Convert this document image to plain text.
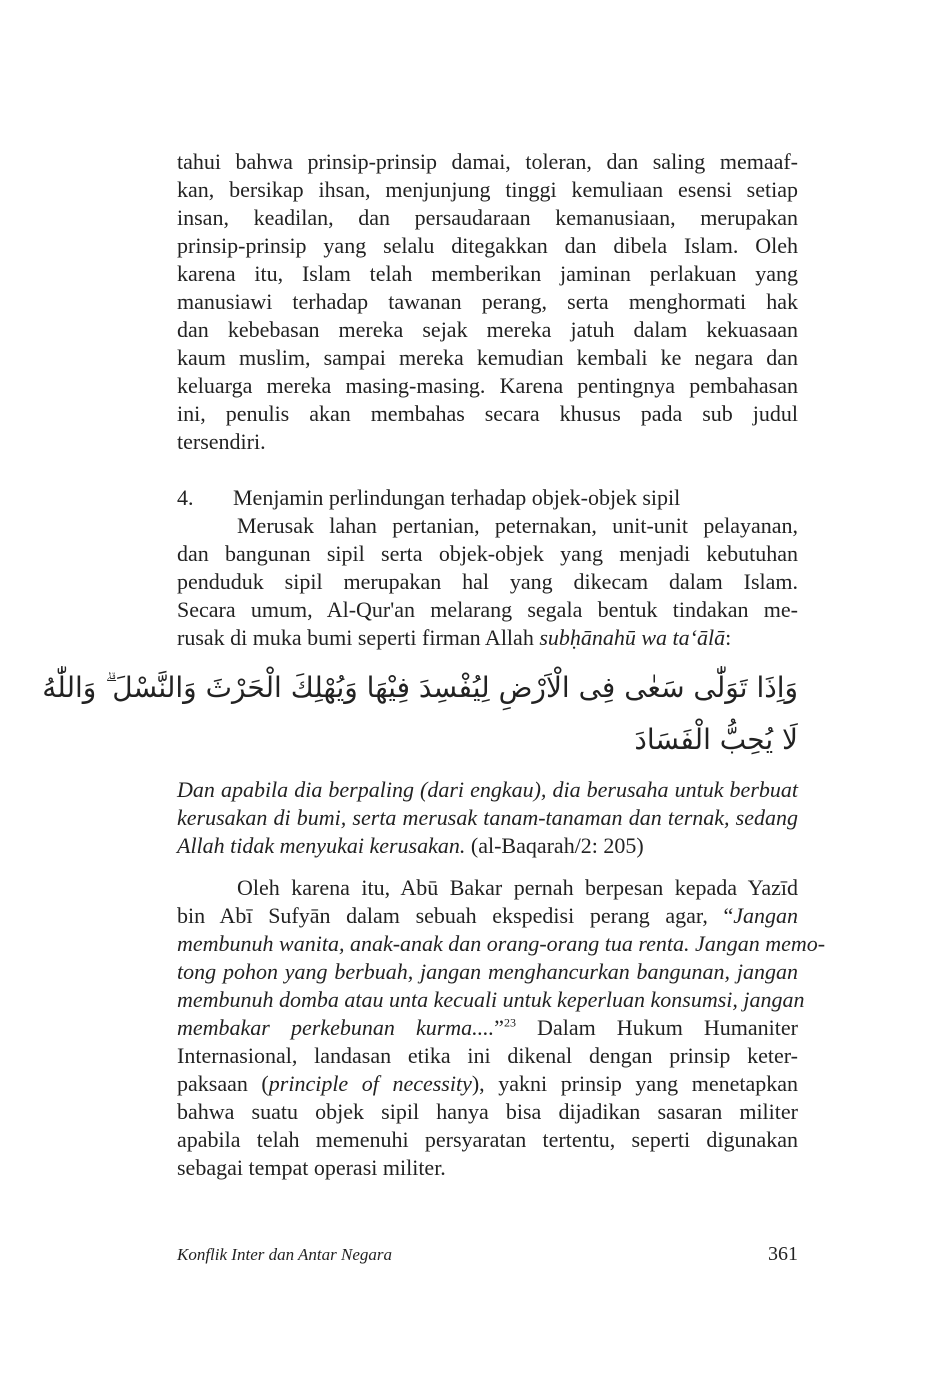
tahui bahwa prinsip-prinsip damai, toleran, dan saling memaaf-
kan, bersikap ihsan, menjunjung tinggi kemuliaan esensi setiap
insan, keadilan, dan persaudaraan kemanusiaan, merupakan
prinsip-prinsip yang selalu ditegakkan dan dibela Islam. Oleh
karena itu, Islam telah memberikan jaminan perlakuan yang
manusiawi terhadap tawanan perang, serta menghormati hak
dan kebebasan mereka sejak mereka jatuh dalam kekuasaan
kaum muslim, sampai mereka kemudian kembali ke negara dan
keluarga mereka masing-masing. Karena pentingnya pembahasan
ini, penulis akan membahas secara khusus pada sub judul
tersendiri.
4. Menjamin perlindungan terhadap objek-objek sipil
Merusak lahan pertanian, peternakan, unit-unit pelayanan,
dan bangunan sipil serta objek-objek yang menjadi kebutuhan
penduduk sipil merupakan hal yang dikecam dalam Islam.
Secara umum, Al-Qur'an melarang segala bentuk tindakan me-
rusak di muka bumi seperti firman Allah subḥānahū wa ta‘ālā:
وَاِذَا تَوَلّٰى سَعٰى فِى الْاَرْضِ لِيُفْسِدَ فِيْهَا وَيُهْلِكَ الْحَرْثَ وَالنَّسْلَ ۗ وَاللّٰهُ
لَا يُحِبُّ الْفَسَادَ
Dan apabila dia berpaling (dari engkau), dia berusaha untuk berbuat
kerusakan di bumi, serta merusak tanam-tanaman dan ternak, sedang
Allah tidak menyukai kerusakan. (al-Baqarah/2: 205)
Oleh karena itu, Abū Bakar pernah berpesan kepada Yazīd
bin Abī Sufyān dalam sebuah ekspedisi perang agar, “Jangan
membunuh wanita, anak-anak dan orang-orang tua renta. Jangan memo-
tong pohon yang berbuah, jangan menghancurkan bangunan, jangan
membunuh domba atau unta kecuali untuk keperluan konsumsi, jangan
membakar perkebunan kurma....”$^{23}$ Dalam Hukum Humaniter
Internasional, landasan etika ini dikenal dengan prinsip keter-
paksaan (principle of necessity), yakni prinsip yang menetapkan
bahwa suatu objek sipil hanya bisa dijadikan sasaran militer
apabila telah memenuhi persyaratan tertentu, seperti digunakan
sebagai tempat operasi militer.
Konflik Inter dan Antar Negara	361
